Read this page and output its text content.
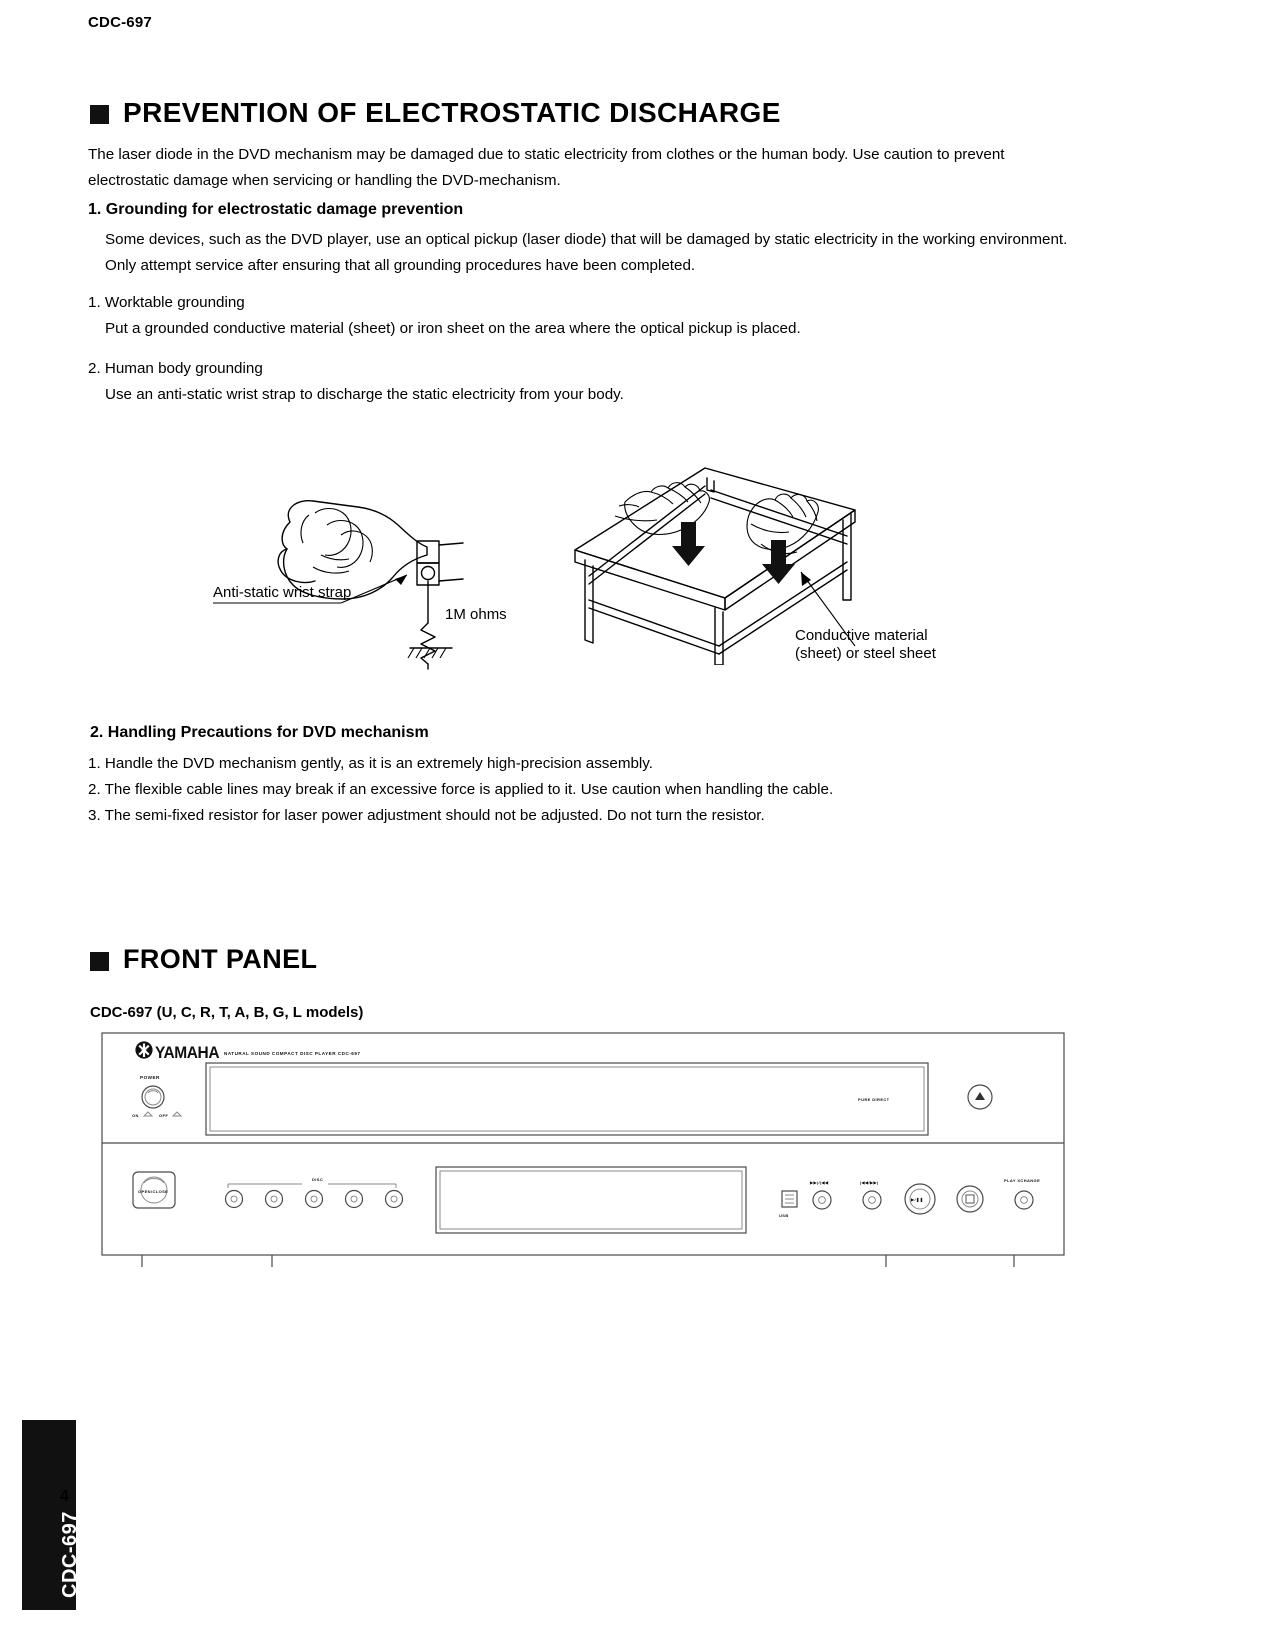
CDC-697
PREVENTION OF ELECTROSTATIC DISCHARGE
The laser diode in the DVD mechanism may be damaged due to static electricity from clothes or the human body. Use caution to prevent electrostatic damage when servicing or handling the DVD-mechanism.
1. Grounding for electrostatic damage prevention
Some devices, such as the DVD player, use an optical pickup (laser diode) that will be damaged by static electricity in the working environment. Only attempt service after ensuring that all grounding procedures have been completed.
1. Worktable grounding
Put a grounded conductive material (sheet) or iron sheet on the area where the optical pickup is placed.
2. Human body grounding
Use an anti-static wrist strap to discharge the static electricity from your body.
Anti-static wrist strap
1M ohms
Conductive material
(sheet) or steel sheet
2. Handling Precautions for DVD mechanism
1. Handle the DVD mechanism gently, as it is an extremely high-precision assembly.
2. The flexible cable lines may break if an excessive force is applied to it. Use caution when handling the cable.
3. The semi-fixed resistor for laser power adjustment should not be adjusted. Do not turn the resistor.
FRONT PANEL
CDC-697 (U, C, R, T, A, B, G, L models)
YAMAHA NATURAL SOUND COMPACT DISC PLAYER CDC-697
POWER
ON	OFF
PURE DIRECT
OPEN/CLOSE
DISC
USB
▶▶|/|◀◀	|◀◀/▶▶|
▶/❚❚
PLAY XCHANGE
CDC-697
4
